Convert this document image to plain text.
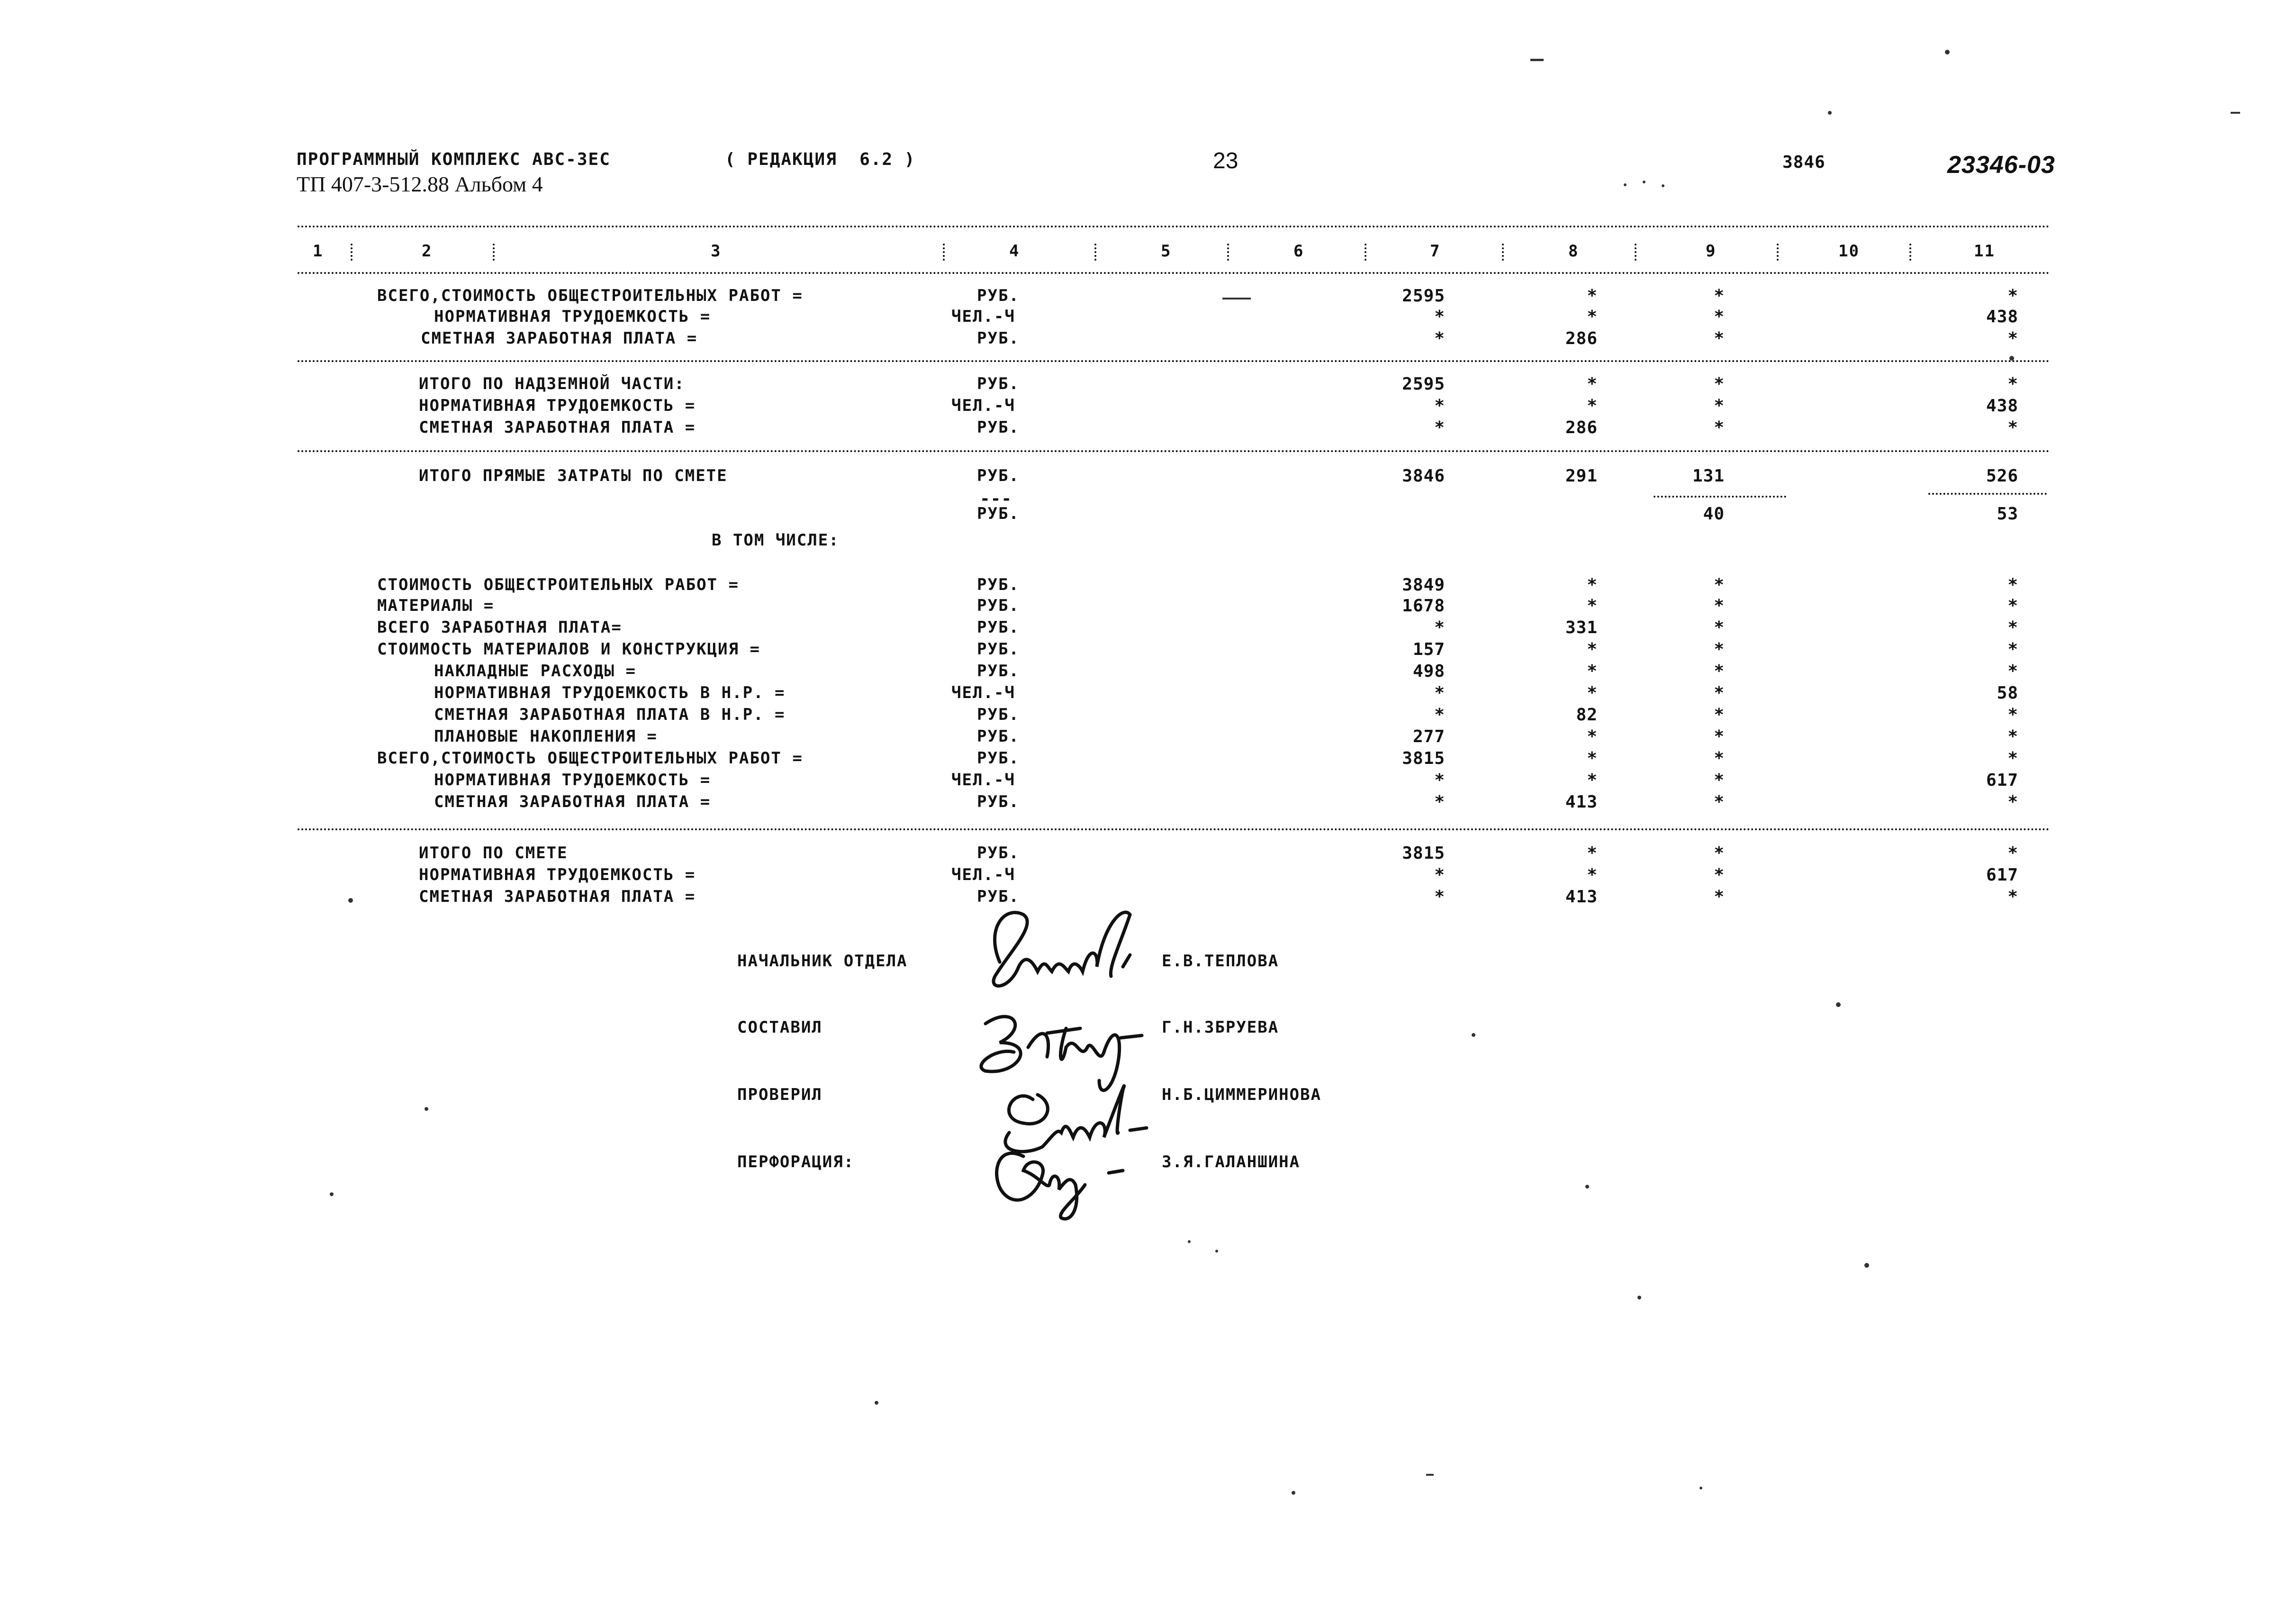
ПРОГРАММНЫЙ КОМПЛЕКС АВС-3ЕС	( РЕДАКЦИЯ  6.2 )
ТП 407-3-512.88 Альбом 4
23	3846	23346-03
1	2	3	4	5	6	7	8	9	10	11
---
В ТОМ ЧИСЛЕ:
ВСЕГО,СТОИМОСТЬ ОБЩЕСТРОИТЕЛЬНЫХ РАБОТ =	РУБ.	2595	*	*	*
НОРМАТИВНАЯ ТРУДОЕМКОСТЬ =	ЧЕЛ.-Ч	*	*	*	438
СМЕТНАЯ ЗАРАБОТНАЯ ПЛАТА =	РУБ.	*	286	*	*
ИТОГО ПО НАДЗЕМНОЙ ЧАСТИ:	РУБ.	2595	*	*	*
НОРМАТИВНАЯ ТРУДОЕМКОСТЬ =	ЧЕЛ.-Ч	*	*	*	438
СМЕТНАЯ ЗАРАБОТНАЯ ПЛАТА =	РУБ.	*	286	*	*
ИТОГО ПРЯМЫЕ ЗАТРАТЫ ПО СМЕТЕ	РУБ.	3846	291	131	526
РУБ.	40	53
СТОИМОСТЬ ОБЩЕСТРОИТЕЛЬНЫХ РАБОТ =	РУБ.	3849	*	*	*
МАТЕРИАЛЫ =	РУБ.	1678	*	*	*
ВСЕГО ЗАРАБОТНАЯ ПЛАТА=	РУБ.	*	331	*	*
СТОИМОСТЬ МАТЕРИАЛОВ И КОНСТРУКЦИЯ =	РУБ.	157	*	*	*
НАКЛАДНЫЕ РАСХОДЫ =	РУБ.	498	*	*	*
НОРМАТИВНАЯ ТРУДОЕМКОСТЬ В Н.Р. =	ЧЕЛ.-Ч	*	*	*	58
СМЕТНАЯ ЗАРАБОТНАЯ ПЛАТА В Н.Р. =	РУБ.	*	82	*	*
ПЛАНОВЫЕ НАКОПЛЕНИЯ =	РУБ.	277	*	*	*
ВСЕГО,СТОИМОСТЬ ОБЩЕСТРОИТЕЛЬНЫХ РАБОТ =	РУБ.	3815	*	*	*
НОРМАТИВНАЯ ТРУДОЕМКОСТЬ =	ЧЕЛ.-Ч	*	*	*	617
СМЕТНАЯ ЗАРАБОТНАЯ ПЛАТА =	РУБ.	*	413	*	*
ИТОГО ПО СМЕТЕ	РУБ.	3815	*	*	*
НОРМАТИВНАЯ ТРУДОЕМКОСТЬ =	ЧЕЛ.-Ч	*	*	*	617
СМЕТНАЯ ЗАРАБОТНАЯ ПЛАТА =	РУБ.	*	413	*	*
НАЧАЛЬНИК ОТДЕЛА	Е.В.ТЕПЛОВА
СОСТАВИЛ	Г.Н.ЗБРУЕВА
ПРОВЕРИЛ	Н.Б.ЦИММЕРИНОВА
ПЕРФОРАЦИЯ:	З.Я.ГАЛАНШИНА
